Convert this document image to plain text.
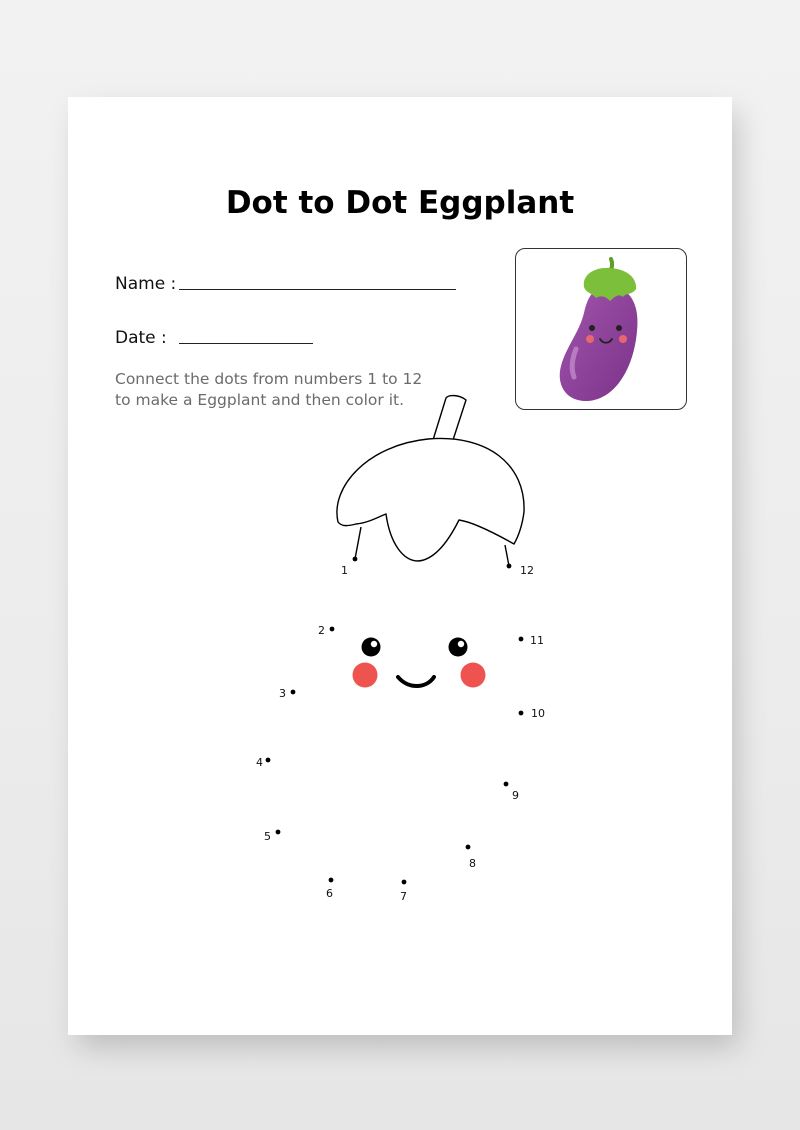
Dot to Dot Eggplant
Name :
Date :
Connect the dots from numbers 1 to 12
to make a Eggplant and then color it.
1
2
3
4
5
6	7
8
9
10
11
12
